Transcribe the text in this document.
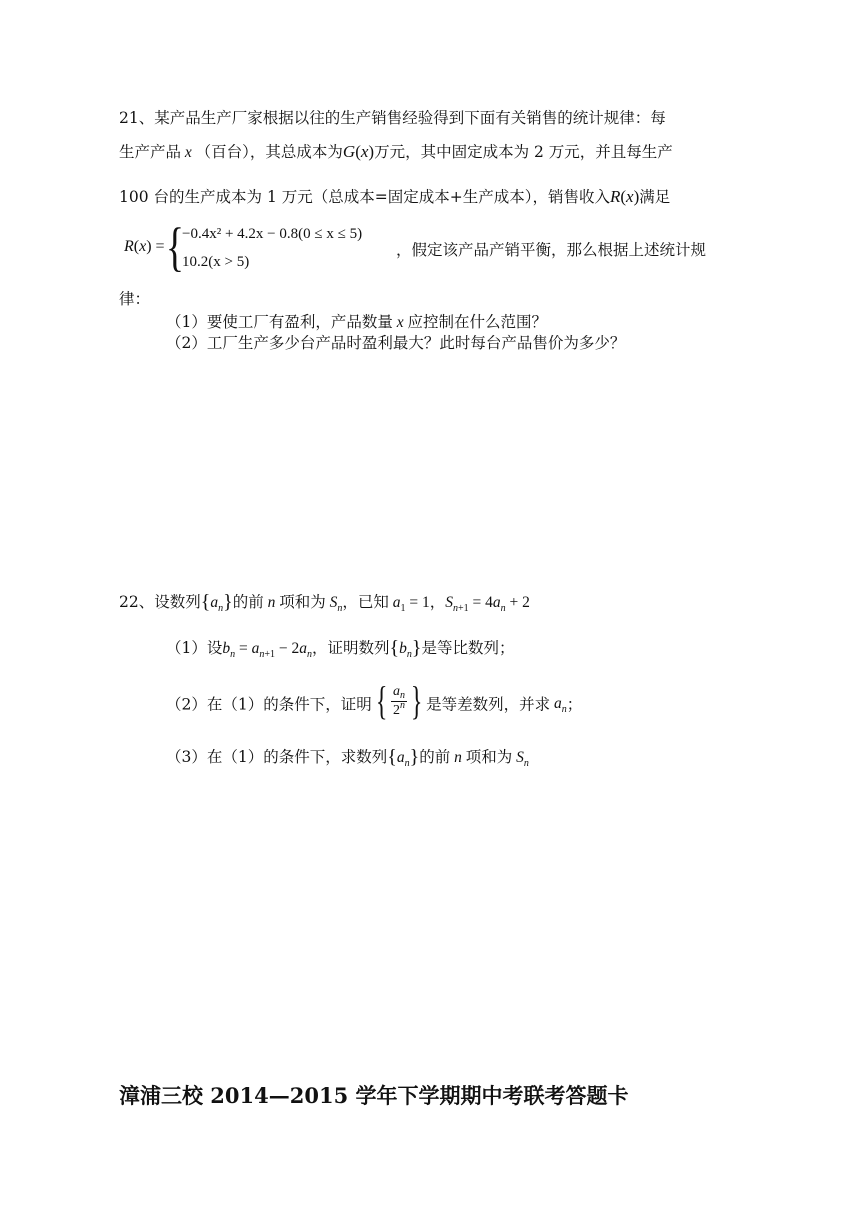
21、某产品生产厂家根据以往的生产销售经验得到下面有关销售的统计规律：每
生产产品 x （百台），其总成本为G(x)万元，其中固定成本为 2 万元，并且每生产
100 台的生产成本为 1 万元（总成本=固定成本+生产成本），销售收入R(x)满足
R(x) = {
−0.4x² + 4.2x − 0.8(0 ≤ x ≤ 5)
10.2(x > 5)
，假定该产品产销平衡，那么根据上述统计规
律：
（1）要使工厂有盈利，产品数量 x 应控制在什么范围？
（2）工厂生产多少台产品时盈利最大？此时每台产品售价为多少？
22、设数列$\{a_n\}$的前 n 项和为 $S_n$，已知 $a_1 = 1$，$S_{n+1} = 4a_n + 2$
（1）设$b_n = a_{n+1} - 2a_n$，证明数列$\{b_n\}$是等比数列；
（2）在（1）的条件下，证明{ $\frac{a_n}{2^n}$ } 是等差数列，并求 $a_n$；
（3）在（1）的条件下，求数列$\{a_n\}$的前 n 项和为 $S_n$
漳浦三校 2014—2015 学年下学期期中考联考答题卡
